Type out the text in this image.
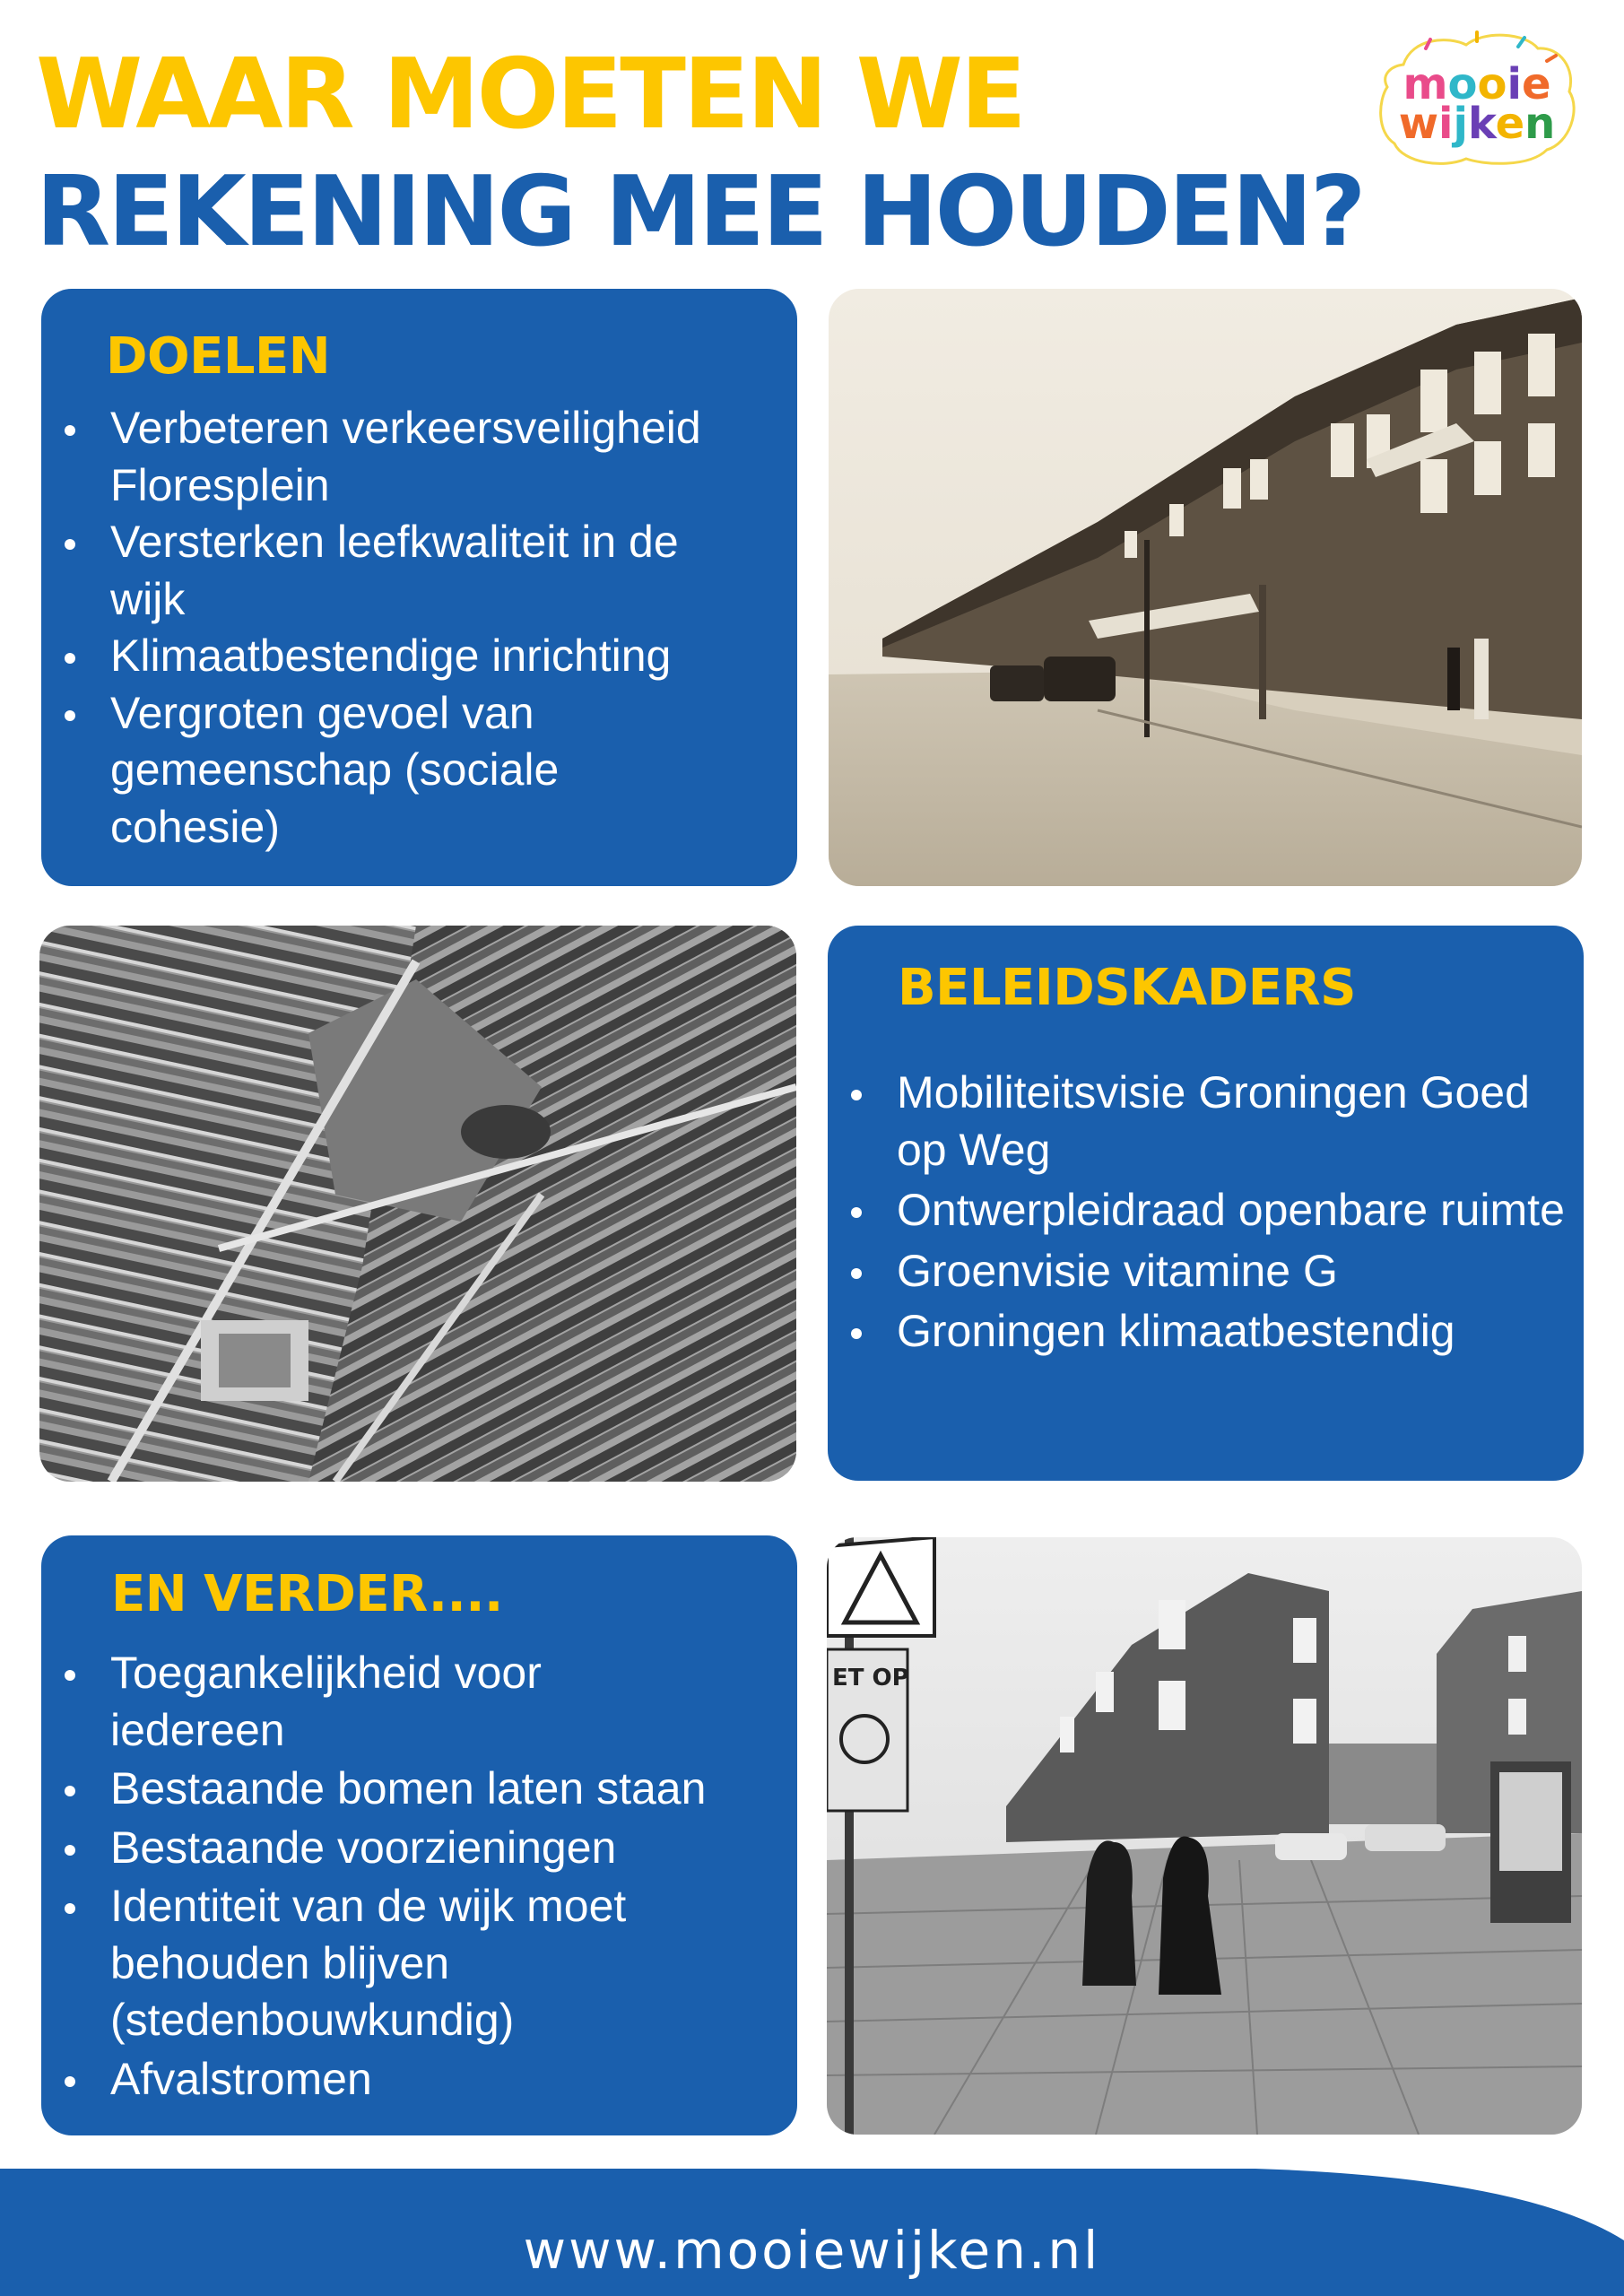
WAAR MOETEN WE
REKENING MEE HOUDEN?
mooie
wijken
DOELEN
Verbeteren verkeersveiligheid Floresplein
Versterken leefkwaliteit in de wijk
Klimaatbestendige inrichting
Vergroten gevoel van gemeenschap (sociale cohesie)
BELEIDSKADERS
Mobiliteitsvisie Groningen Goed op Weg
Ontwerpleidraad openbare ruimte
Groenvisie vitamine G
Groningen klimaatbestendig
EN VERDER....
Toegankelijkheid voor iedereen
Bestaande bomen laten staan
Bestaande voorzieningen
Identiteit van de wijk moet behouden blijven (stedenbouwkundig)
Afvalstromen
ET OP

www.mooiewijken.nl
